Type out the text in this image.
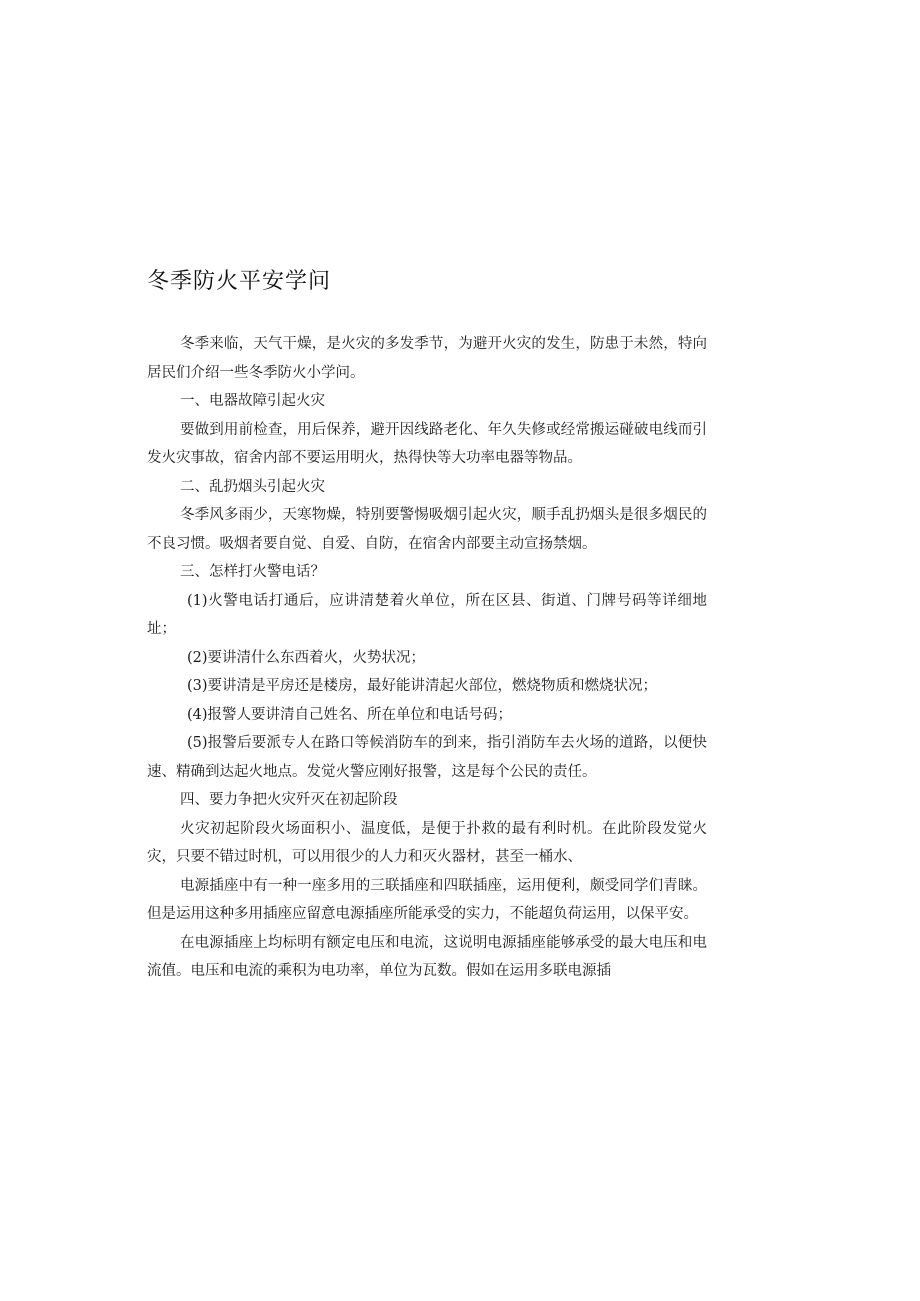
冬季防火平安学问

冬季来临，天气干燥，是火灾的多发季节，为避开火灾的发生，防患于未然，特向居民们介绍一些冬季防火小学问。

一、电器故障引起火灾

要做到用前检查，用后保养，避开因线路老化、年久失修或经常搬运碰破电线而引发火灾事故，宿舍内部不要运用明火，热得快等大功率电器等物品。

二、乱扔烟头引起火灾

冬季风多雨少，天寒物燥，特别要警惕吸烟引起火灾，顺手乱扔烟头是很多烟民的不良习惯。吸烟者要自觉、自爱、自防，在宿舍内部要主动宣扬禁烟。

三、怎样打火警电话？

(1)火警电话打通后，应讲清楚着火单位，所在区县、街道、门牌号码等详细地址；

(2)要讲清什么东西着火，火势状况；

(3)要讲清是平房还是楼房，最好能讲清起火部位，燃烧物质和燃烧状况；

(4)报警人要讲清自己姓名、所在单位和电话号码；

(5)报警后要派专人在路口等候消防车的到来，指引消防车去火场的道路，以便快速、精确到达起火地点。发觉火警应刚好报警，这是每个公民的责任。

四、要力争把火灾歼灭在初起阶段

火灾初起阶段火场面积小、温度低，是便于扑救的最有利时机。在此阶段发觉火灾，只要不错过时机，可以用很少的人力和灭火器材，甚至一桶水、

电源插座中有一种一座多用的三联插座和四联插座，运用便利，颇受同学们青睐。但是运用这种多用插座应留意电源插座所能承受的实力，不能超负荷运用，以保平安。

在电源插座上均标明有额定电压和电流，这说明电源插座能够承受的最大电压和电流值。电压和电流的乘积为电功率，单位为瓦数。假如在运用多联电源插
